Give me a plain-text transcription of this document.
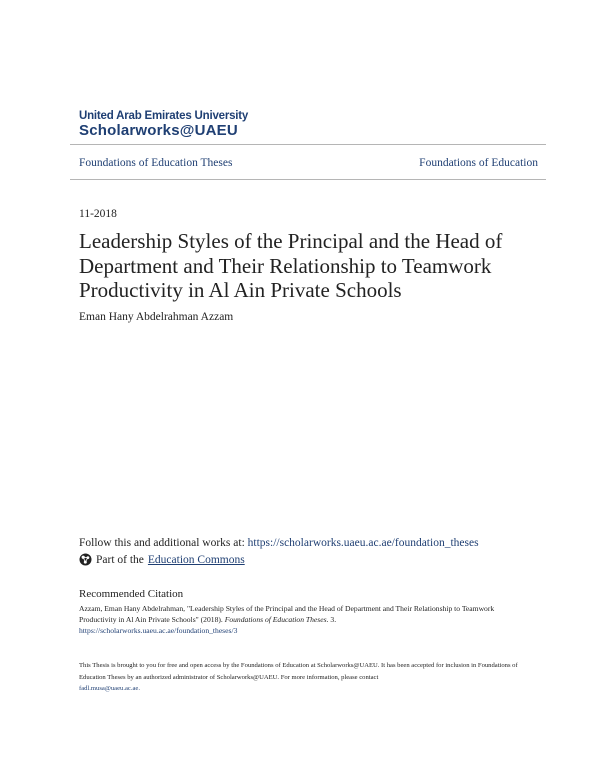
United Arab Emirates University
Scholarworks@UAEU
Foundations of Education Theses	Foundations of Education
11-2018
Leadership Styles of the Principal and the Head of Department and Their Relationship to Teamwork Productivity in Al Ain Private Schools
Eman Hany Abdelrahman Azzam
Follow this and additional works at: https://scholarworks.uaeu.ac.ae/foundation_theses
Part of the Education Commons
Recommended Citation
Azzam, Eman Hany Abdelrahman, "Leadership Styles of the Principal and the Head of Department and Their Relationship to Teamwork Productivity in Al Ain Private Schools" (2018). Foundations of Education Theses. 3.
https://scholarworks.uaeu.ac.ae/foundation_theses/3
This Thesis is brought to you for free and open access by the Foundations of Education at Scholarworks@UAEU. It has been accepted for inclusion in Foundations of Education Theses by an authorized administrator of Scholarworks@UAEU. For more information, please contact
fadl.musa@uaeu.ac.ae.
